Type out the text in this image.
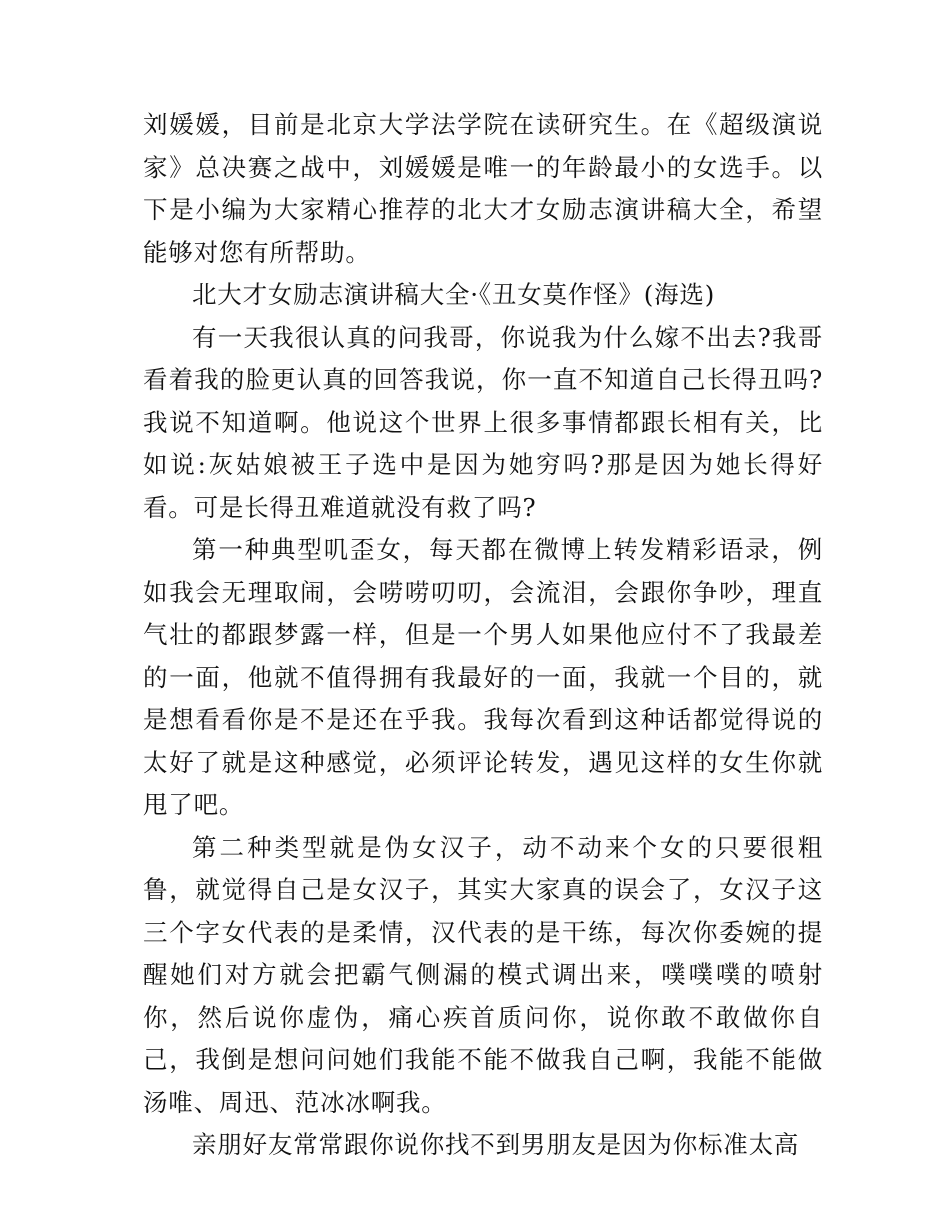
刘媛媛，目前是北京大学法学院在读研究生。在《超级演说家》总决赛之战中，刘媛媛是唯一的年龄最小的女选手。以下是小编为大家精心推荐的北大才女励志演讲稿大全，希望能够对您有所帮助。

北大才女励志演讲稿大全·《丑女莫作怪》(海选)

有一天我很认真的问我哥，你说我为什么嫁不出去?我哥看着我的脸更认真的回答我说，你一直不知道自己长得丑吗?我说不知道啊。他说这个世界上很多事情都跟长相有关，比如说:灰姑娘被王子选中是因为她穷吗?那是因为她长得好看。可是长得丑难道就没有救了吗?

第一种典型叽歪女，每天都在微博上转发精彩语录，例如我会无理取闹，会唠唠叨叨，会流泪，会跟你争吵，理直气壮的都跟梦露一样，但是一个男人如果他应付不了我最差的一面，他就不值得拥有我最好的一面，我就一个目的，就是想看看你是不是还在乎我。我每次看到这种话都觉得说的太好了就是这种感觉，必须评论转发，遇见这样的女生你就甩了吧。

第二种类型就是伪女汉子，动不动来个女的只要很粗鲁，就觉得自己是女汉子，其实大家真的误会了，女汉子这三个字女代表的是柔情，汉代表的是干练，每次你委婉的提醒她们对方就会把霸气侧漏的模式调出来，噗噗噗的喷射你，然后说你虚伪，痛心疾首质问你，说你敢不敢做你自己，我倒是想问问她们我能不能不做我自己啊，我能不能做汤唯、周迅、范冰冰啊我。

亲朋好友常常跟你说你找不到男朋友是因为你标准太高
